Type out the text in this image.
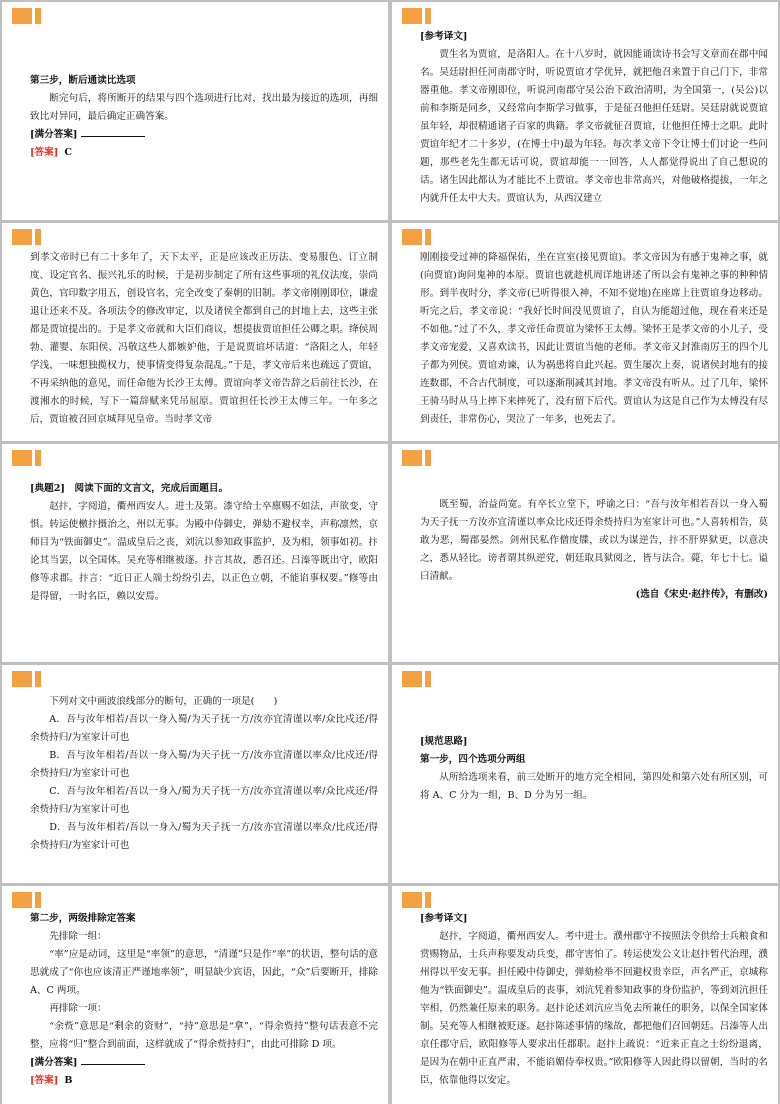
第三步，断后通读比选项

断完句后，将所断开的结果与四个选项进行比对，找出最为接近的选项，再细致比对异同，最后确定正确答案。

[满分答案]

[答案] C

[参考译文]

贾生名为贾谊，是洛阳人。在十八岁时，就因能诵读诗书会写文章而在郡中闻名。吴廷尉担任河南郡守时，听说贾谊才学优异，就把他召来置于自己门下，非常器重他。孝文帝刚即位，听说河南郡守吴公治下政治清明，为全国第一，(吴公)以前和李斯是同乡，又经常向李斯学习做事，于是征召他担任廷尉。吴廷尉就说贾谊虽年轻，却很精通诸子百家的典籍。孝文帝就征召贾谊，让他担任博士之职。此时贾谊年纪才二十多岁，(在博士中)最为年轻。每次孝文帝下令让博士们讨论一些问题，那些老先生都无话可说，贾谊却能一一回答，人人都觉得说出了自己想说的话。诸生因此都认为才能比不上贾谊。孝文帝也非常高兴，对他破格提拔，一年之内就升任太中大夫。贾谊认为，从西汉建立

到孝文帝时已有二十多年了，天下太平，正是应该改正历法、变易服色、订立制度、设定官名、振兴礼乐的时候，于是初步制定了所有这些事项的礼仪法度，崇尚黄色，官印数字用五，创设官名，完全改变了秦朝的旧制。孝文帝刚刚即位，谦虚退让还来不及。各项法令的修改审定，以及诸侯全都到自己的封地上去，这些主张都是贾谊提出的。于是孝文帝就和大臣们商议，想提拔贾谊担任公卿之职。绛侯周勃、灌婴、东阳侯、冯敬这些人都嫉妒他，于是说贾谊坏话道：“洛阳之人，年轻学浅，一味想独揽权力，使事情变得复杂混乱。”于是，孝文帝后来也疏远了贾谊，不再采纳他的意见，而任命他为长沙王太傅。贾谊向孝文帝告辞之后前往长沙，在渡湘水的时候，写下一篇辞赋来凭吊屈原。贾谊担任长沙王太傅三年。一年多之后，贾谊被召回京城拜见皇帝。当时孝文帝

刚刚接受过神的降福保佑，坐在宣室(接见贾谊)。孝文帝因为有感于鬼神之事，就(向贾谊)询问鬼神的本原。贾谊也就趁机周详地讲述了所以会有鬼神之事的种种情形。到半夜时分，孝文帝(已听得很入神，不知不觉地)在座席上往贾谊身边移动。听完之后，孝文帝说：“我好长时间没见贾谊了，自认为能超过他，现在看来还是不如他。”过了不久，孝文帝任命贾谊为梁怀王太傅。梁怀王是孝文帝的小儿子，受孝文帝宠爱，又喜欢读书，因此让贾谊当他的老师。孝文帝又封淮南厉王的四个儿子都为列侯。贾谊劝谏，认为祸患将自此兴起。贾生屡次上奏，说诸侯封地有的接连数郡，不合古代制度，可以逐渐削减其封地。孝文帝没有听从。过了几年，梁怀王骑马时从马上摔下来摔死了，没有留下后代。贾谊认为这是自己作为太傅没有尽到责任，非常伤心，哭泣了一年多，也死去了。

[典题2]　阅读下面的文言文，完成后面题目。

赵抃，字阅道，衢州西安人。进士及第。漆守给士卒廪赐不如法，声欲变，守惧。转运使檄抃摄治之，州以无事。为殿中侍御史，弹劾不避权幸，声称凛然，京师目为“铁面御史”。温成皇后之丧，刘沆以参知政事监护，及为相，领事如初。抃论其当罢，以全国体。吴充等相继被逐。抃言其故，悉召还。吕溱等既出守，欧阳修等求郡。抃言：“近日正人端士纷纷引去，以正色立朝，不能谄事权要。”修等由是得留，一时名臣，赖以安焉。

既至蜀，治益尚宽。有卒长立堂下，呼谕之曰：“吾与汝年相若吾以一身入蜀为天子抚一方汝亦宜清谨以率众比戍还得余赀持归为室家计可也。”人喜转相告，莫敢为恶，蜀郡晏然。剑州民私作僧度牒，或以为谋逆告，抃不肝界狱更，以意决之，悉从轻比。谤者谓其纵逆党，朝廷取具狱阅之，皆与法合。薨，年七十七。谥曰清献。

(选自《宋史·赵抃传》，有删改)

下列对文中画波浪线部分的断句，正确的一项是(　　)

A．吾与汝年相若/吾以一身入蜀/为天子抚一方/汝亦宜清谨以率/众比戍还/得余赀持归/为室家计可也

B．吾与汝年相若/吾以一身入蜀/为天子抚一方/汝亦宜清谨以率众/比戍还/得余赀持归/为室家计可也

C．吾与汝年相若/吾以一身入/蜀为天子抚一方/汝亦宜清谨以率/众比戍还/得余赀持归/为室家计可也

D．吾与汝年相若/吾以一身入/蜀为天子抚一方/汝亦宜清谨以率众/比戍还/得余赀持归/为室家计可也

[规范思路]

第一步，四个选项分两组

从所给选项来看，前三处断开的地方完全相同，第四处和第六处有所区别，可将 A、C 分为一组，B、D 分为另一组。

第二步，两级排除定答案

先排除一组：

“率”应是动词，这里是“率领”的意思，“清谨”只是作“率”的状语，整句话的意思就成了“你也应该清正严谨地率领”，明显缺少宾语，因此，“众”后要断开，排除 A、C 两项。

再排除一项：

“余赀”意思是“剩余的资财”，“持”意思是“拿”，“得余赀持”整句话表意不完整，应将“归”整合到前面，这样就成了“得余赀持归”，由此可排除 D 项。

[满分答案]

[答案] B

[参考译文]

赵抃，字阅道，衢州西安人。考中进士。濮州郡守不按照法令供给士兵粮食和赏赐物品，士兵声称要发动兵变，郡守害怕了。转运使发公文让赵抃暂代治理，濮州得以平安无事。担任殿中侍御史，弹劾检举不回避权贵幸臣，声名严正，京城称他为“铁面御史”。温成皇后的丧事，刘沆凭着参知政事的身份监护，等到刘沆担任宰相，仍然兼任原来的职务。赵抃论述刘沆应当免去所兼任的职务，以保全国家体制。吴充等人相继被贬逐。赵抃陈述事情的缘故，都把他们召回朝廷。吕溱等人出京任郡守后，欧阳修等人要求出任郡职。赵抃上疏说：“近来正直之士纷纷退离，是因为在朝中正直严肃，不能谄媚侍奉权贵。”欧阳修等人因此得以留朝，当时的名臣，依靠他得以安定。
